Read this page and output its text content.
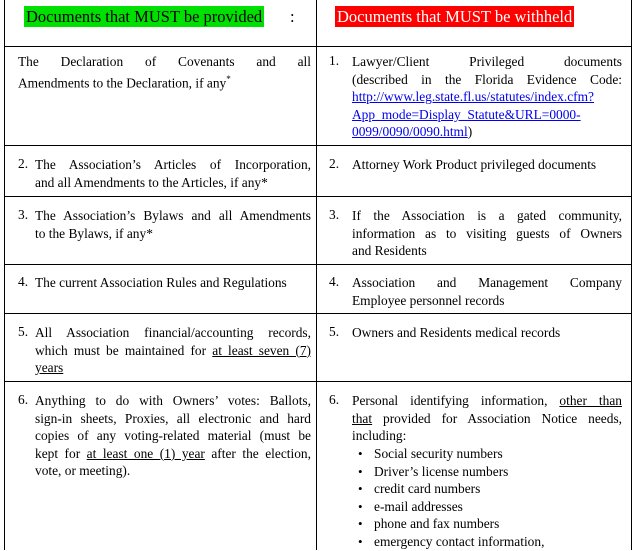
Documents that MUST be provided :	Documents that MUST be withheld
The Declaration of Covenants and all
Amendments to the Declaration, if any*
2. The Association’s Articles of Incorporation,
and all Amendments to the Articles, if any*
3. The Association’s Bylaws and all Amendments
to the Bylaws, if any*
4. The current Association Rules and Regulations
5. All Association financial/accounting records,
which must be maintained for at least seven (7)
years
6. Anything to do with Owners’ votes: Ballots,
sign-in sheets, Proxies, all electronic and hard
copies of any voting-related material (must be
kept for at least one (1) year after the election,
vote, or meeting).
1. Lawyer/Client Privileged documents
(described in the Florida Evidence Code:
http://www.leg.state.fl.us/statutes/index.cfm?
App_mode=Display_Statute&URL=0000-
0099/0090/0090.html)
2. Attorney Work Product privileged documents
3. If the Association is a gated community,
information as to visiting guests of Owners
and Residents
4. Association and Management Company
Employee personnel records
5. Owners and Residents medical records
6. Personal identifying information, other than
that provided for Association Notice needs,
including:
• Social security numbers
• Driver’s license numbers
• credit card numbers
• e-mail addresses
• phone and fax numbers
• emergency contact information,
